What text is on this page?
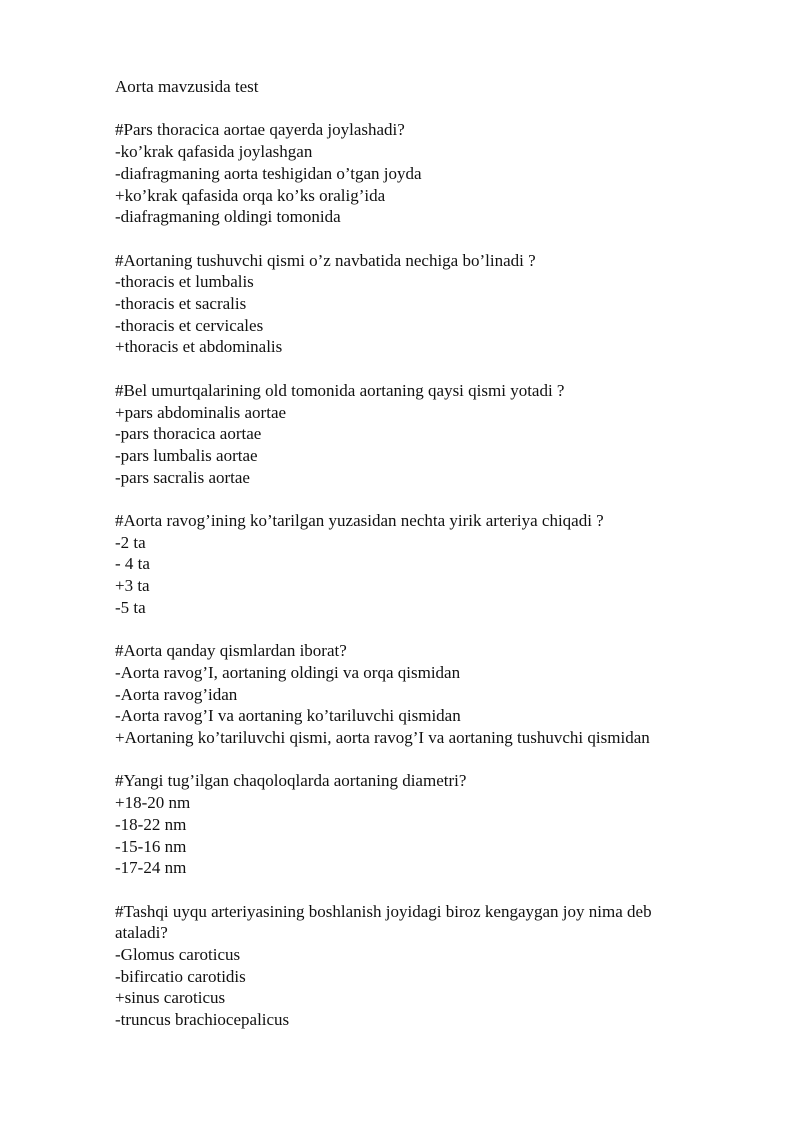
Aorta mavzusida test

#Pars thoracica aortae qayerda joylashadi?

-ko’krak qafasida joylashgan

-diafragmaning aorta teshigidan o’tgan joyda

+ko’krak qafasida orqa ko’ks oralig’ida

-diafragmaning oldingi tomonida

#Aortaning tushuvchi qismi o’z navbatida nechiga bo’linadi ?

-thoracis et lumbalis

-thoracis et sacralis

-thoracis et cervicales

+thoracis et abdominalis

#Bel umurtqalarining old tomonida aortaning qaysi qismi yotadi ?

+pars abdominalis aortae

-pars thoracica aortae

-pars lumbalis aortae

-pars sacralis aortae

#Aorta ravog’ining ko’tarilgan yuzasidan nechta yirik arteriya chiqadi ?

-2 ta

- 4 ta

+3 ta

-5 ta

#Aorta qanday qismlardan iborat?

-Aorta ravog’I, aortaning oldingi va orqa qismidan

-Aorta ravog’idan

-Aorta ravog’I va aortaning ko’tariluvchi qismidan

+Aortaning ko’tariluvchi qismi, aorta ravog’I va aortaning tushuvchi qismidan

#Yangi tug’ilgan chaqoloqlarda aortaning diametri?

+18-20 nm

-18-22 nm

-15-16 nm

-17-24 nm

#Tashqi uyqu arteriyasining boshlanish joyidagi biroz kengaygan joy nima deb

ataladi?

-Glomus caroticus

-bifircatio carotidis

+sinus caroticus

-truncus brachiocepalicus
